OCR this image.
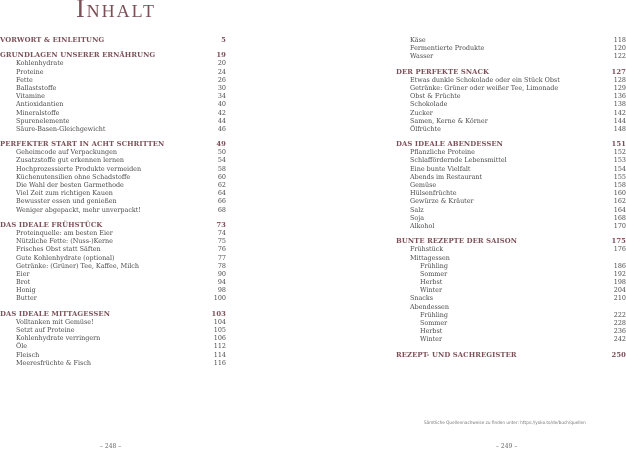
Inhalt
VORWORT & EINLEITUNG	5
GRUNDLAGEN UNSERER ERNÄHRUNG	19
Kohlenhydrate	20
Proteine	24
Fette	26
Ballaststoffe	30
Vitamine	34
Antioxidantien	40
Mineralstoffe	42
Spurenelemente	44
Säure-Basen-Gleichgewicht	46
PERFEKTER START IN ACHT SCHRITTEN	49
Geheimcode auf Verpackungen	50
Zusatzstoffe gut erkennen lernen	54
Hochprozessierte Produkte vermeiden	58
Küchenutensilien ohne Schadstoffe	60
Die Wahl der besten Garmethode	62
Viel Zeit zum richtigen Kauen	64
Bewusster essen und genießen	66
Weniger abgepackt, mehr unverpackt!	68
DAS IDEALE FRÜHSTÜCK	73
Proteinquelle: am besten Eier	74
Nützliche Fette: (Nuss-)Kerne	75
Frisches Obst statt Säften	76
Gute Kohlenhydrate (optional)	77
Getränke: (Grüner) Tee, Kaffee, Milch	78
Eier	90
Brot	94
Honig	98
Butter	100
DAS IDEALE MITTAGESSEN	103
Volltanken mit Gemüse!	104
Setzt auf Proteine	105
Kohlenhydrate verringern	106
Öle	112
Fleisch	114
Meeresfrüchte & Fisch	116
Käse	118
Fermentierte Produkte	120
Wasser	122
DER PERFEKTE SNACK	127
Etwas dunkle Schokolade oder ein Stück Obst	128
Getränke: Grüner oder weißer Tee, Limonade	129
Obst & Früchte	136
Schokolade	138
Zucker	142
Samen, Kerne & Körner	144
Ölfrüchte	148
DAS IDEALE ABENDESSEN	151
Pflanzliche Proteine	152
Schlaffördernde Lebensmittel	153
Eine bunte Vielfalt	154
Abends im Restaurant	155
Gemüse	158
Hülsenfrüchte	160
Gewürze & Kräuter	162
Salz	164
Soja	168
Alkohol	170
BUNTE REZEPTE DER SAISON	175
Frühstück	176
Mittagessen
Frühling	186
Sommer	192
Herbst	198
Winter	204
Snacks	210
Abendessen
Frühling	222
Sommer	228
Herbst	236
Winter	242
REZEPT- UND SACHREGISTER	250
Sämtliche Quellennachweise zu finden unter: https://yoko.to/de/buch/quellen
– 248 –	– 249 –
